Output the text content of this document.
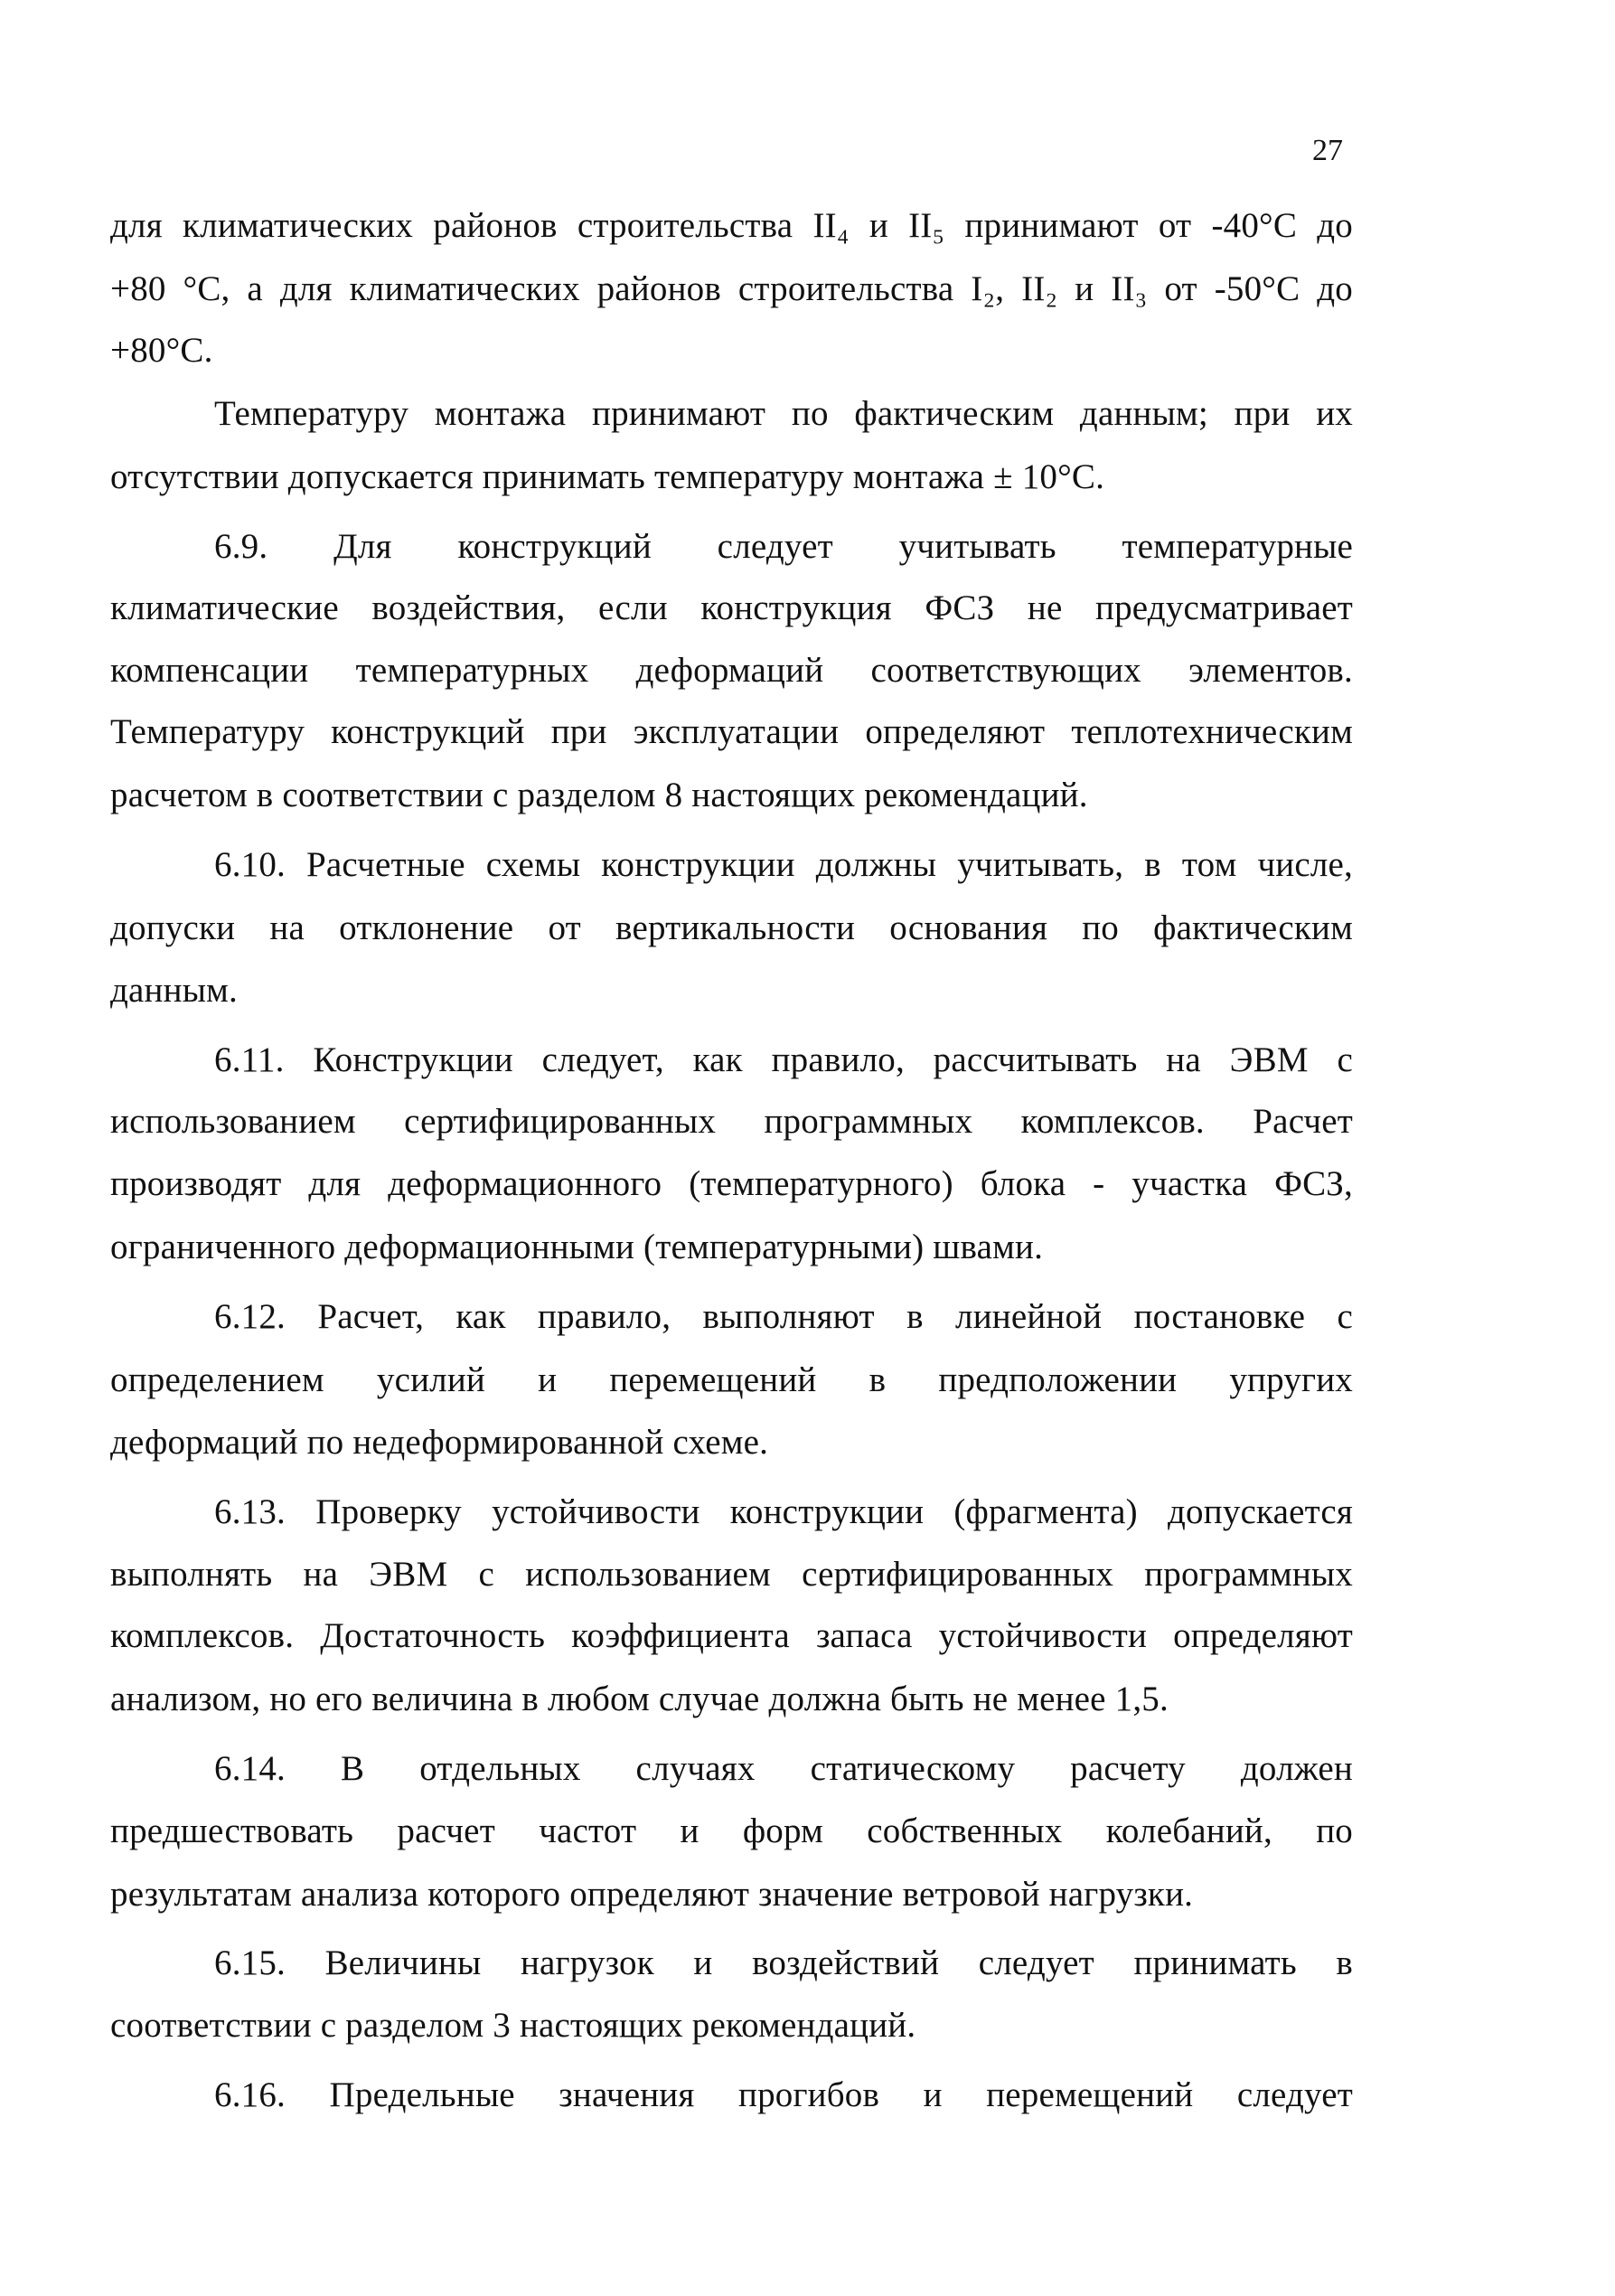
27
для климатических районов строительства II₄ и II₅ принимают от -40°С до
+80 °С, а для климатических районов строительства I₂, II₂ и II₃ от -50°С до
+80°С.
Температуру монтажа принимают по фактическим данным; при их
отсутствии допускается принимать температуру монтажа ± 10°С.
6.9. Для конструкций следует учитывать температурные
климатические воздействия, если конструкция ФСЗ не предусматривает
компенсации температурных деформаций соответствующих элементов.
Температуру конструкций при эксплуатации определяют теплотехническим
расчетом в соответствии с разделом 8 настоящих рекомендаций.
6.10. Расчетные схемы конструкции должны учитывать, в том числе,
допуски на отклонение от вертикальности основания по фактическим
данным.
6.11. Конструкции следует, как правило, рассчитывать на ЭВМ с
использованием сертифицированных программных комплексов. Расчет
производят для деформационного (температурного) блока - участка ФСЗ,
ограниченного деформационными (температурными) швами.
6.12. Расчет, как правило, выполняют в линейной постановке с
определением усилий и перемещений в предположении упругих
деформаций по недеформированной схеме.
6.13. Проверку устойчивости конструкции (фрагмента) допускается
выполнять на ЭВМ с использованием сертифицированных программных
комплексов. Достаточность коэффициента запаса устойчивости определяют
анализом, но его величина в любом случае должна быть не менее 1,5.
6.14. В отдельных случаях статическому расчету должен
предшествовать расчет частот и форм собственных колебаний, по
результатам анализа которого определяют значение ветровой нагрузки.
6.15. Величины нагрузок и воздействий следует принимать в
соответствии с разделом 3 настоящих рекомендаций.
6.16. Предельные значения прогибов и перемещений следует
